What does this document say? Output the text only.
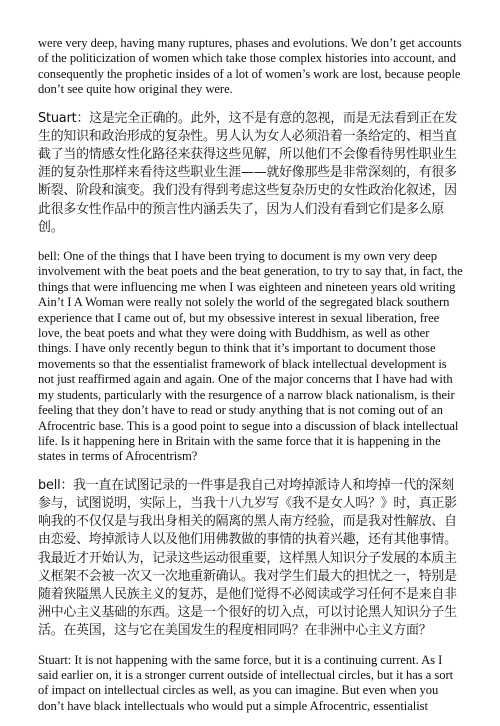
were very deep, having many ruptures, phases and evolutions. We don’t get accounts of the politicization of women which take those complex histories into account, and consequently the prophetic insides of a lot of women’s work are lost, because people don’t see quite how original they were.

Stuart：这是完全正确的。此外，这不是有意的忽视，而是无法看到正在发生的知识和政治形成的复杂性。男人认为女人必须沿着一条给定的、相当直截了当的情感女性化路径来获得这些见解，所以他们不会像看待男性职业生涯的复杂性那样来看待这些职业生涯——就好像那些是非常深刻的，有很多断裂、阶段和演变。我们没有得到考虑这些复杂历史的女性政治化叙述，因此很多女性作品中的预言性内涵丢失了，因为人们没有看到它们是多么原创。

bell: One of the things that I have been trying to document is my own very deep involvement with the beat poets and the beat generation, to try to say that, in fact, the things that were influencing me when I was eighteen and nineteen years old writing Ain’t I A Woman were really not solely the world of the segregated black southern experience that I came out of, but my obsessive interest in sexual liberation, free love, the beat poets and what they were doing with Buddhism, as well as other things. I have only recently begun to think that it’s important to document those movements so that the essentialist framework of black intellectual development is not just reaffirmed again and again. One of the major concerns that I have had with my students, particularly with the resurgence of a narrow black nationalism, is their feeling that they don’t have to read or study anything that is not coming out of an Afrocentric base. This is a good point to segue into a discussion of black intellectual life. Is it happening here in Britain with the same force that it is happening in the states in terms of Afrocentrism?

bell：我一直在试图记录的一件事是我自己对垮掉派诗人和垮掉一代的深刻参与，试图说明，实际上，当我十八九岁写《我不是女人吗？》时，真正影响我的不仅仅是与我出身相关的隔离的黑人南方经验，而是我对性解放、自由恋爱、垮掉派诗人以及他们用佛教做的事情的执着兴趣，还有其他事情。我最近才开始认为，记录这些运动很重要，这样黑人知识分子发展的本质主义框架不会被一次又一次地重新确认。我对学生们最大的担忧之一，特别是随着狭隘黑人民族主义的复苏，是他们觉得不必阅读或学习任何不是来自非洲中心主义基础的东西。这是一个很好的切入点，可以讨论黑人知识分子生活。在英国，这与它在美国发生的程度相同吗？在非洲中心主义方面？

Stuart: It is not happening with the same force, but it is a continuing current. As I said earlier on, it is a stronger current outside of intellectual circles, but it has a sort of impact on intellectual circles as well, as you can imagine. But even when you don’t have black intellectuals who would put a simple Afrocentric, essentialist
